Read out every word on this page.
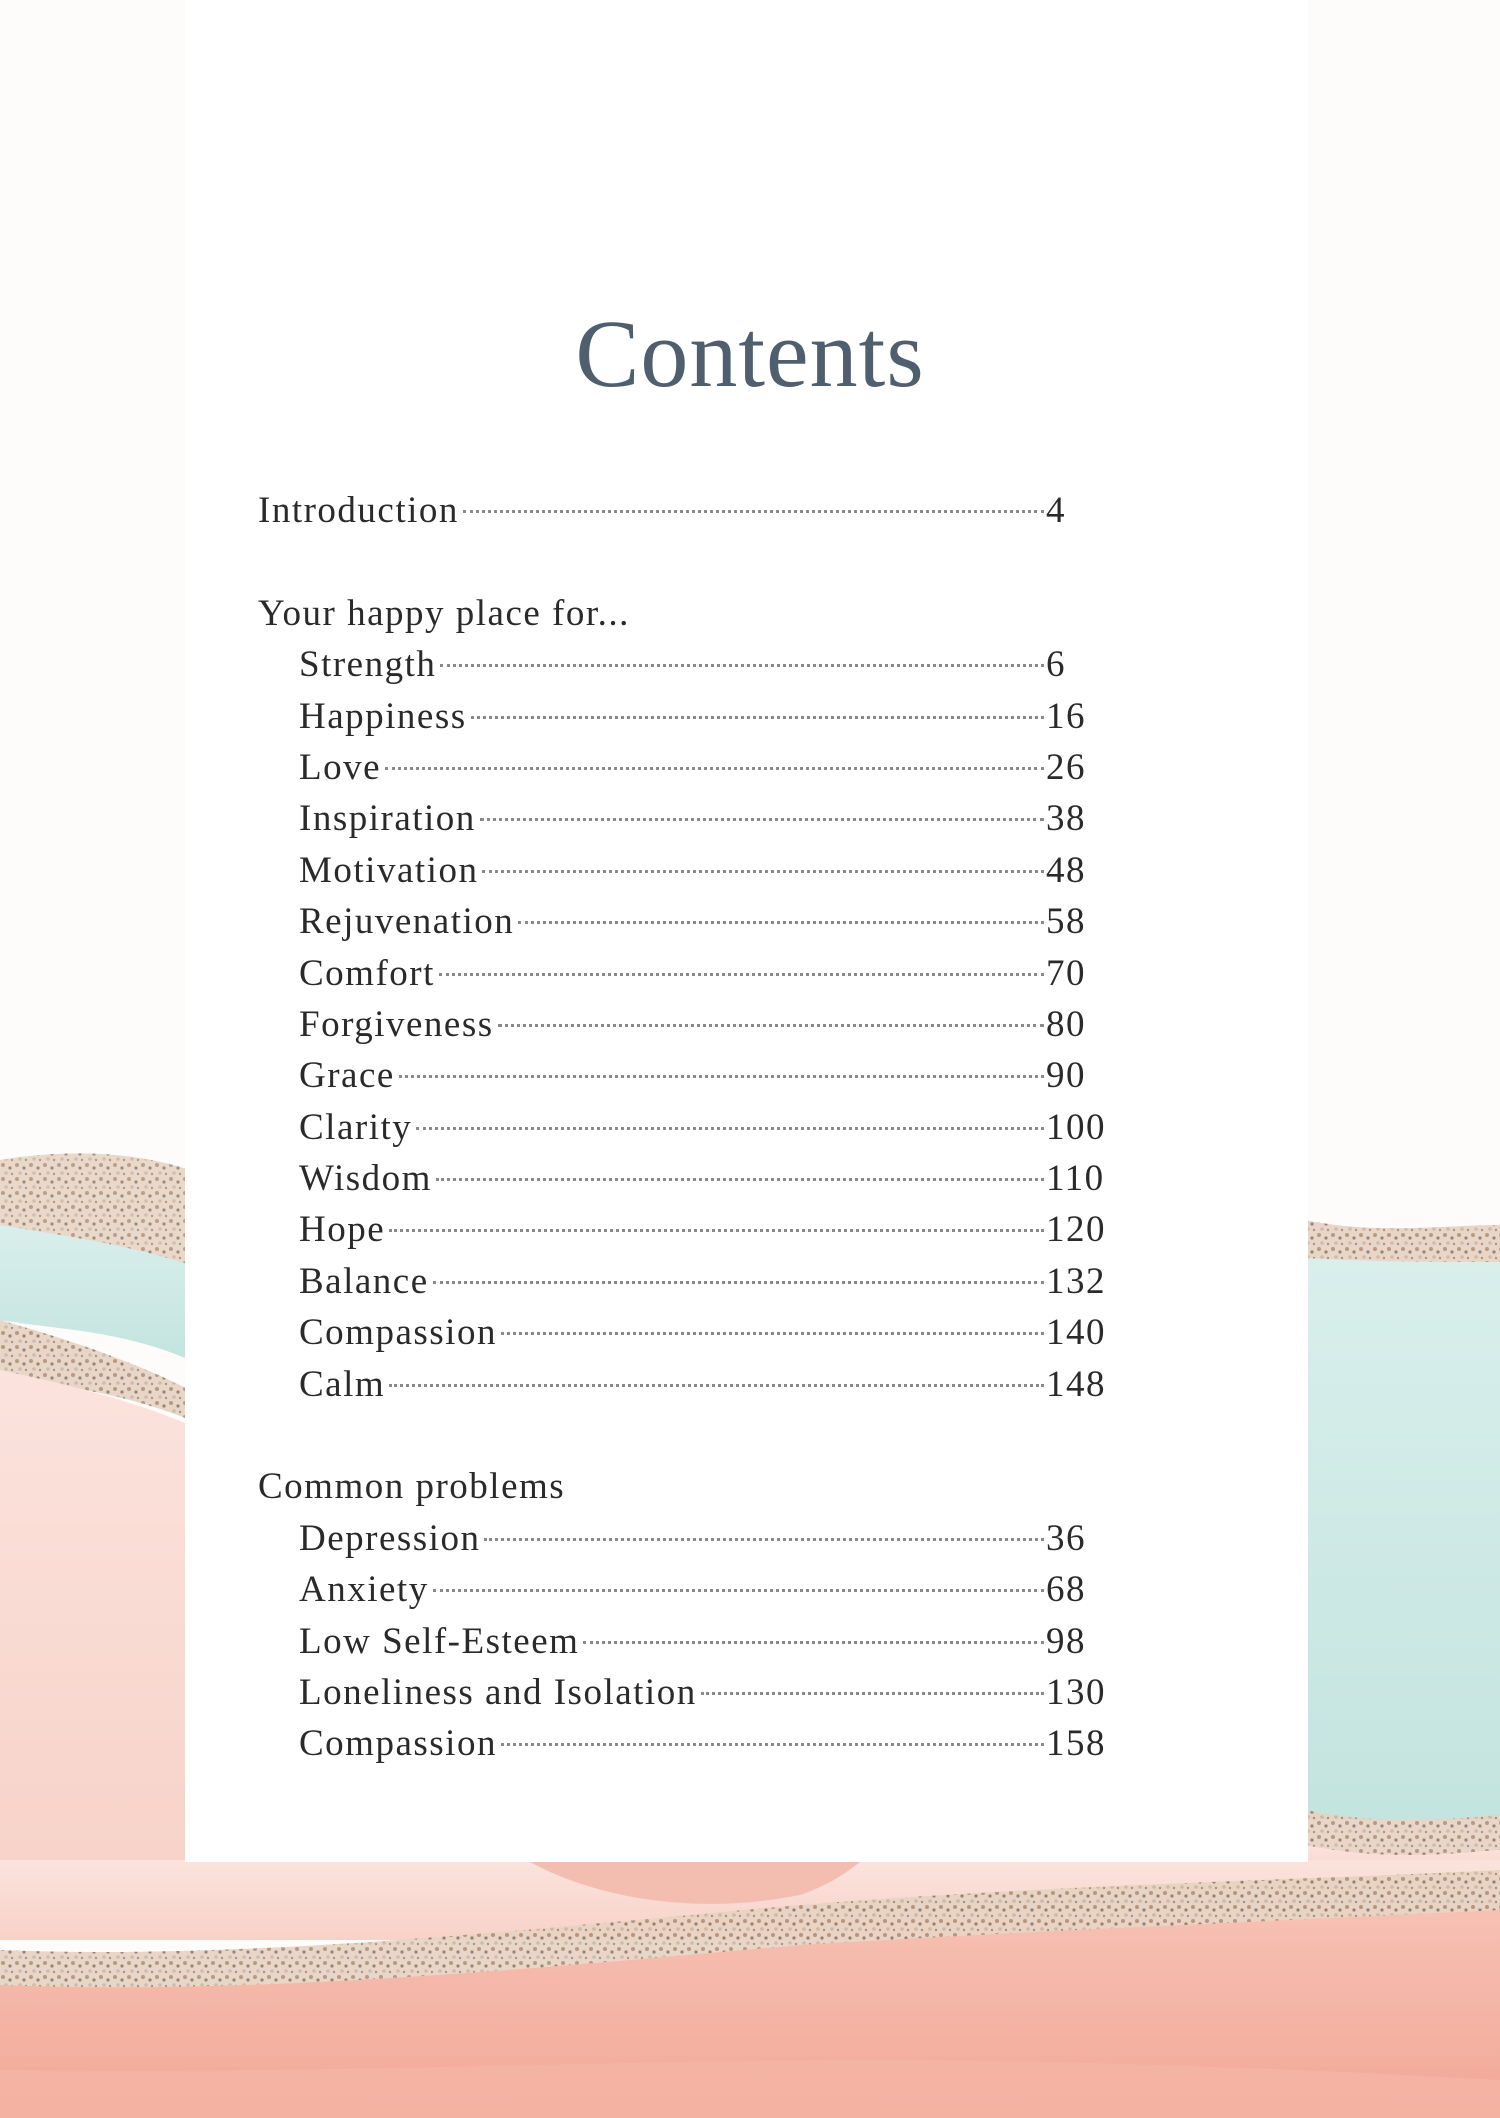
Contents
Introduction	4
Your happy place for...
Strength	6
Happiness	16
Love	26
Inspiration	38
Motivation	48
Rejuvenation	58
Comfort	70
Forgiveness	80
Grace	90
Clarity	100
Wisdom	110
Hope	120
Balance	132
Compassion	140
Calm	148
Common problems
Depression	36
Anxiety	68
Low Self-Esteem	98
Loneliness and Isolation	130
Compassion	158
